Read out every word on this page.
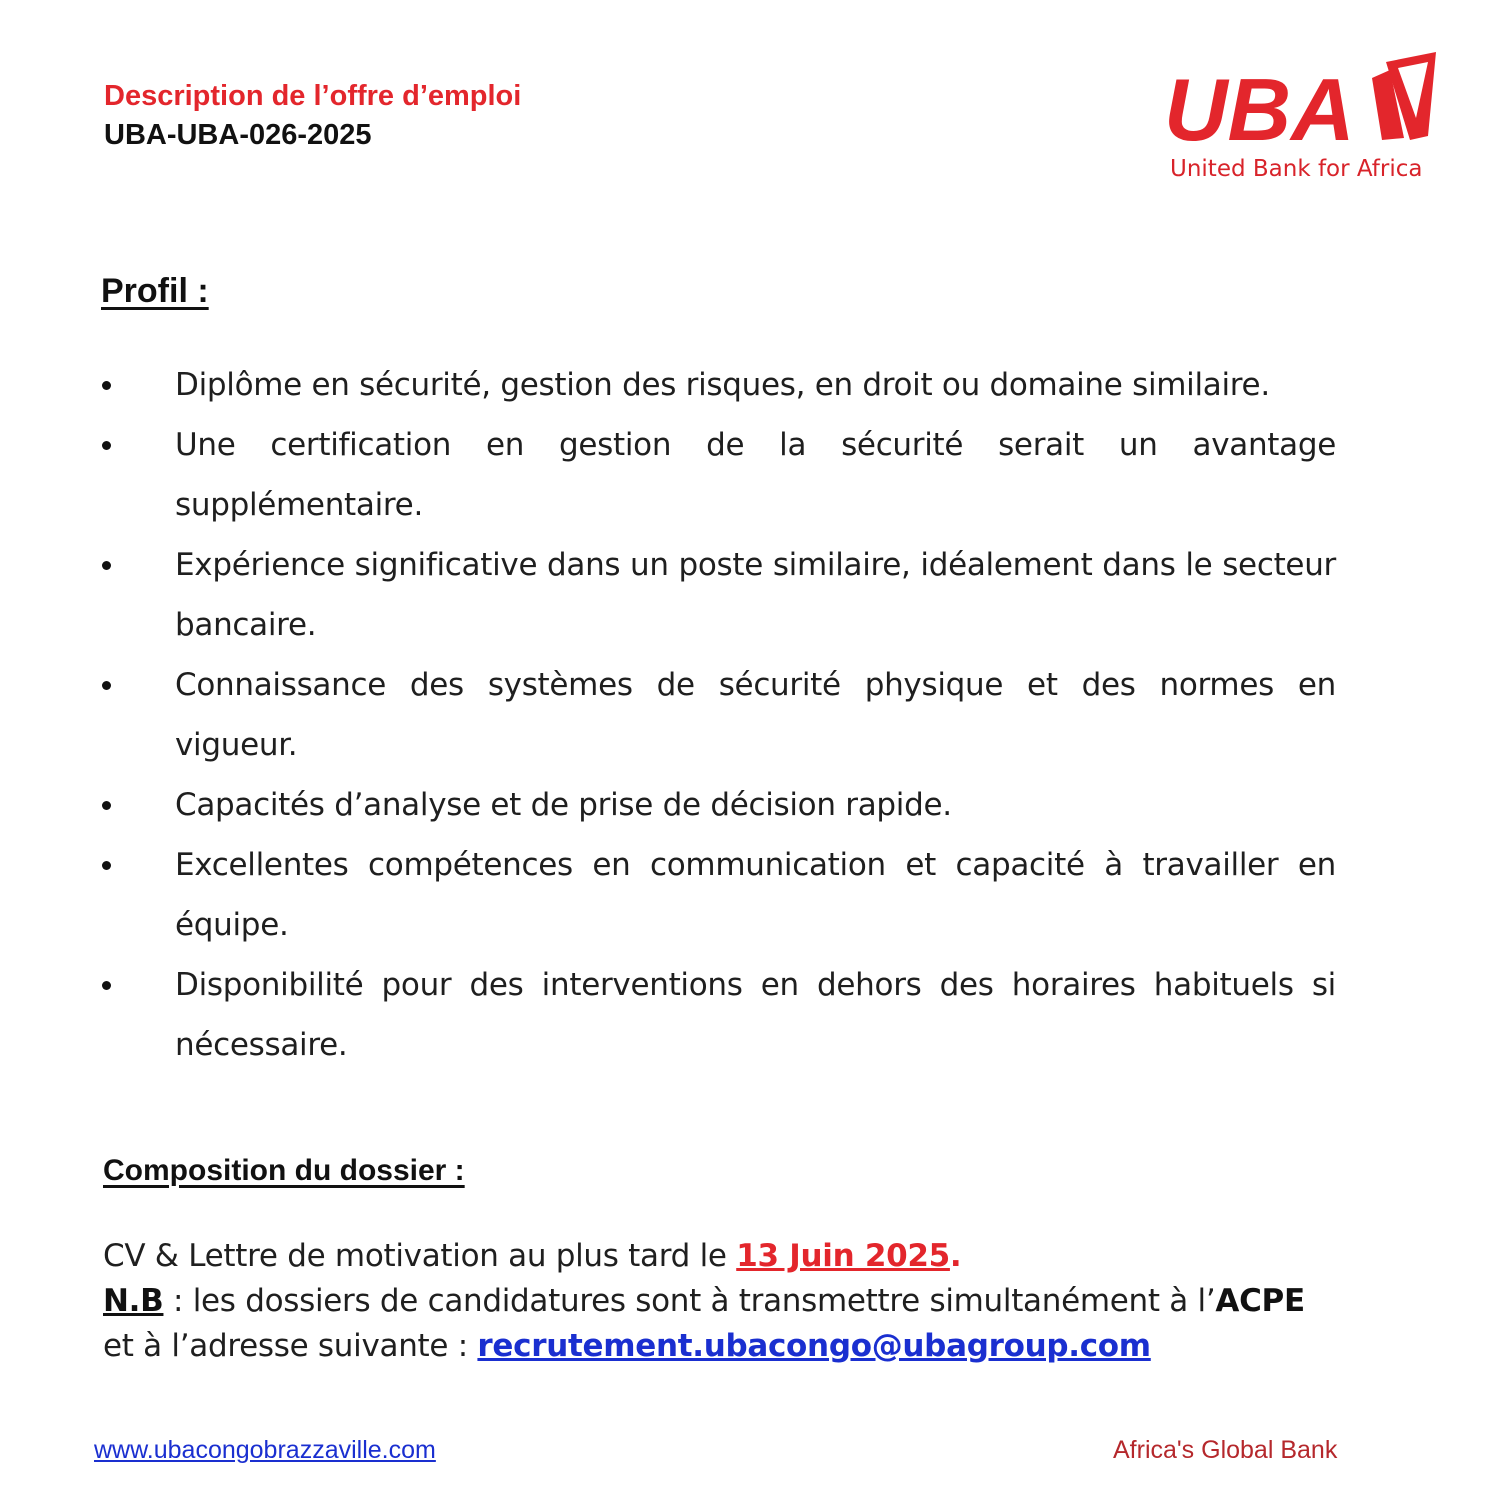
Description de l’offre d’emploi
UBA-UBA-026-2025	UBA
United Bank for Africa
Profil :
Diplôme en sécurité, gestion des risques, en droit ou domaine similaire.
Une certification en gestion de la sécurité serait un avantage supplémentaire.
Expérience significative dans un poste similaire, idéalement dans le secteur bancaire.
Connaissance des systèmes de sécurité physique et des normes en vigueur.
Capacités d’analyse et de prise de décision rapide.
Excellentes compétences en communication et capacité à travailler en équipe.
Disponibilité pour des interventions en dehors des horaires habituels si nécessaire.
Composition du dossier :
CV & Lettre de motivation au plus tard le 13 Juin 2025.
N.B : les dossiers de candidatures sont à transmettre simultanément à l’ACPE
et à l’adresse suivante : recrutement.ubacongo@ubagroup.com
www.ubacongobrazzaville.com	Africa's Global Bank
